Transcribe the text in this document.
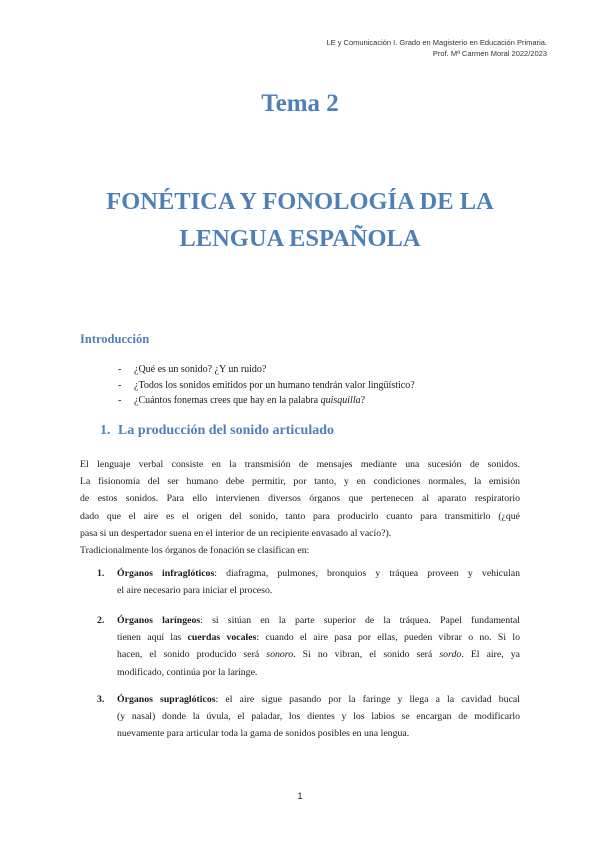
LE y Comunicación I. Grado en Magisterio en Educación Primaria.
Prof. Mª Carmen Moral 2022/2023
Tema 2
FONÉTICA Y FONOLOGÍA DE LA
LENGUA ESPAÑOLA
Introducción
- ¿Qué es un sonido? ¿Y un ruido?
- ¿Todos los sonidos emitidos por un humano tendrán valor lingüístico?
- ¿Cuántos fonemas crees que hay en la palabra quisquilla?
1. La producción del sonido articulado

El lenguaje verbal consiste en la transmisión de mensajes mediante una sucesión de sonidos.
La fisionomía del ser humano debe permitir, por tanto, y en condiciones normales, la emisión
de estos sonidos. Para ello intervienen diversos órganos que pertenecen al aparato respiratorio
dado que el aire es el origen del sonido, tanto para producirlo cuanto para transmitirlo (¿qué
pasa si un despertador suena en el interior de un recipiente envasado al vacío?).
Tradicionalmente los órganos de fonación se clasifican en:

1. Órganos infraglóticos: diafragma, pulmones, bronquios y tráquea proveen y vehiculan
el aire necesario para iniciar el proceso.
2. Órganos laríngeos: si sitúan en la parte superior de la tráquea. Papel fundamental
tienen aquí las cuerdas vocales: cuando el aire pasa por ellas, pueden vibrar o no. Si lo
hacen, el sonido producido será sonoro. Si no vibran, el sonido será sordo. El aire, ya
modificado, continúa por la laringe.
3. Órganos supraglóticos: el aire sigue pasando por la faringe y llega a la cavidad bucal
(y nasal) donde la úvula, el paladar, los dientes y los labios se encargan de modificarlo
nuevamente para articular toda la gama de sonidos posibles en una lengua.
1
